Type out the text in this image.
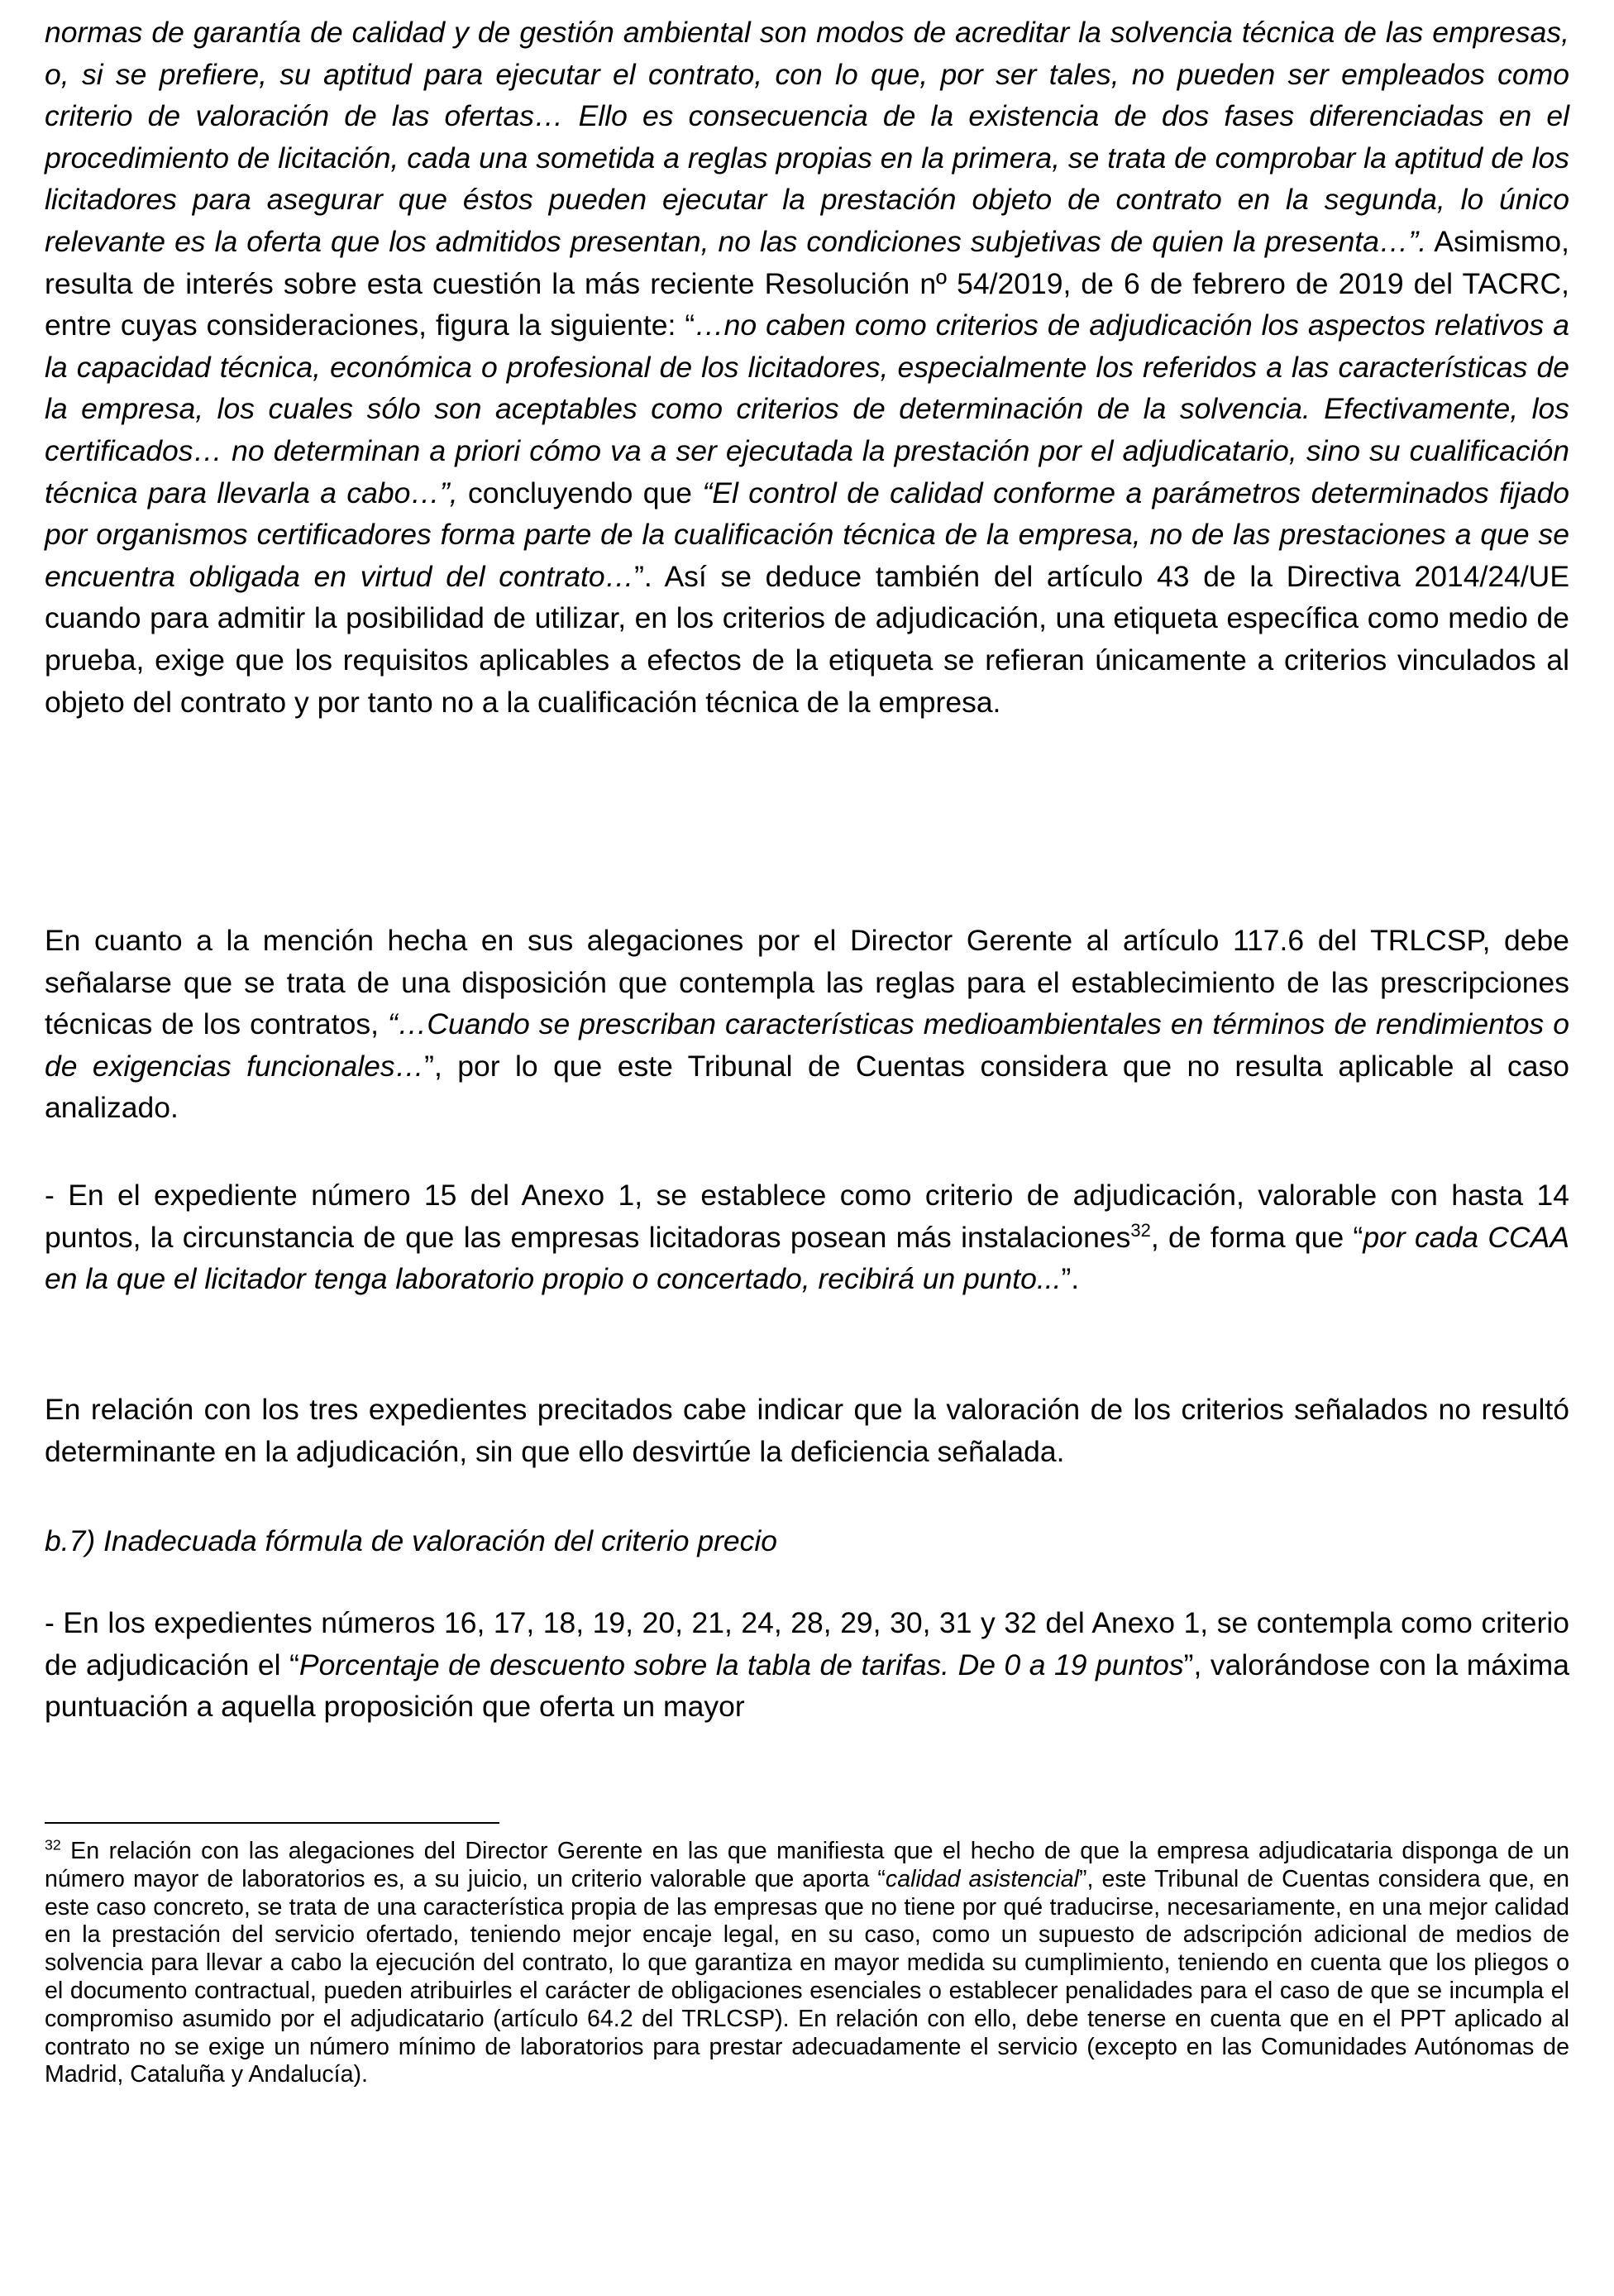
normas de garantía de calidad y de gestión ambiental son modos de acreditar la solvencia técnica de las empresas, o, si se prefiere, su aptitud para ejecutar el contrato, con lo que, por ser tales, no pueden ser empleados como criterio de valoración de las ofertas… Ello es consecuencia de la existencia de dos fases diferenciadas en el procedimiento de licitación, cada una sometida a reglas propias en la primera, se trata de comprobar la aptitud de los licitadores para asegurar que éstos pueden ejecutar la prestación objeto de contrato en la segunda, lo único relevante es la oferta que los admitidos presentan, no las condiciones subjetivas de quien la presenta…”. Asimismo, resulta de interés sobre esta cuestión la más reciente Resolución nº 54/2019, de 6 de febrero de 2019 del TACRC, entre cuyas consideraciones, figura la siguiente: “…no caben como criterios de adjudicación los aspectos relativos a la capacidad técnica, económica o profesional de los licitadores, especialmente los referidos a las características de la empresa, los cuales sólo son aceptables como criterios de determinación de la solvencia. Efectivamente, los certificados… no determinan a priori cómo va a ser ejecutada la prestación por el adjudicatario, sino su cualificación técnica para llevarla a cabo…”, concluyendo que “El control de calidad conforme a parámetros determinados fijado por organismos certificadores forma parte de la cualificación técnica de la empresa, no de las prestaciones a que se encuentra obligada en virtud del contrato…”. Así se deduce también del artículo 43 de la Directiva 2014/24/UE cuando para admitir la posibilidad de utilizar, en los criterios de adjudicación, una etiqueta específica como medio de prueba, exige que los requisitos aplicables a efectos de la etiqueta se refieran únicamente a criterios vinculados al objeto del contrato y por tanto no a la cualificación técnica de la empresa.
En cuanto a la mención hecha en sus alegaciones por el Director Gerente al artículo 117.6 del TRLCSP, debe señalarse que se trata de una disposición que contempla las reglas para el establecimiento de las prescripciones técnicas de los contratos, “…Cuando se prescriban características medioambientales en términos de rendimientos o de exigencias funcionales…”, por lo que este Tribunal de Cuentas considera que no resulta aplicable al caso analizado.
- En el expediente número 15 del Anexo 1, se establece como criterio de adjudicación, valorable con hasta 14 puntos, la circunstancia de que las empresas licitadoras posean más instalaciones$^{32}$, de forma que “por cada CCAA en la que el licitador tenga laboratorio propio o concertado, recibirá un punto...”.
En relación con los tres expedientes precitados cabe indicar que la valoración de los criterios señalados no resultó determinante en la adjudicación, sin que ello desvirtúe la deficiencia señalada.
b.7) Inadecuada fórmula de valoración del criterio precio
- En los expedientes números 16, 17, 18, 19, 20, 21, 24, 28, 29, 30, 31 y 32 del Anexo 1, se contempla como criterio de adjudicación el “Porcentaje de descuento sobre la tabla de tarifas. De 0 a 19 puntos”, valorándose con la máxima puntuación a aquella proposición que oferta un mayor
$^{32}$ En relación con las alegaciones del Director Gerente en las que manifiesta que el hecho de que la empresa adjudicataria disponga de un número mayor de laboratorios es, a su juicio, un criterio valorable que aporta “calidad asistencial”, este Tribunal de Cuentas considera que, en este caso concreto, se trata de una característica propia de las empresas que no tiene por qué traducirse, necesariamente, en una mejor calidad en la prestación del servicio ofertado, teniendo mejor encaje legal, en su caso, como un supuesto de adscripción adicional de medios de solvencia para llevar a cabo la ejecución del contrato, lo que garantiza en mayor medida su cumplimiento, teniendo en cuenta que los pliegos o el documento contractual, pueden atribuirles el carácter de obligaciones esenciales o establecer penalidades para el caso de que se incumpla el compromiso asumido por el adjudicatario (artículo 64.2 del TRLCSP). En relación con ello, debe tenerse en cuenta que en el PPT aplicado al contrato no se exige un número mínimo de laboratorios para prestar adecuadamente el servicio (excepto en las Comunidades Autónomas de Madrid, Cataluña y Andalucía).
